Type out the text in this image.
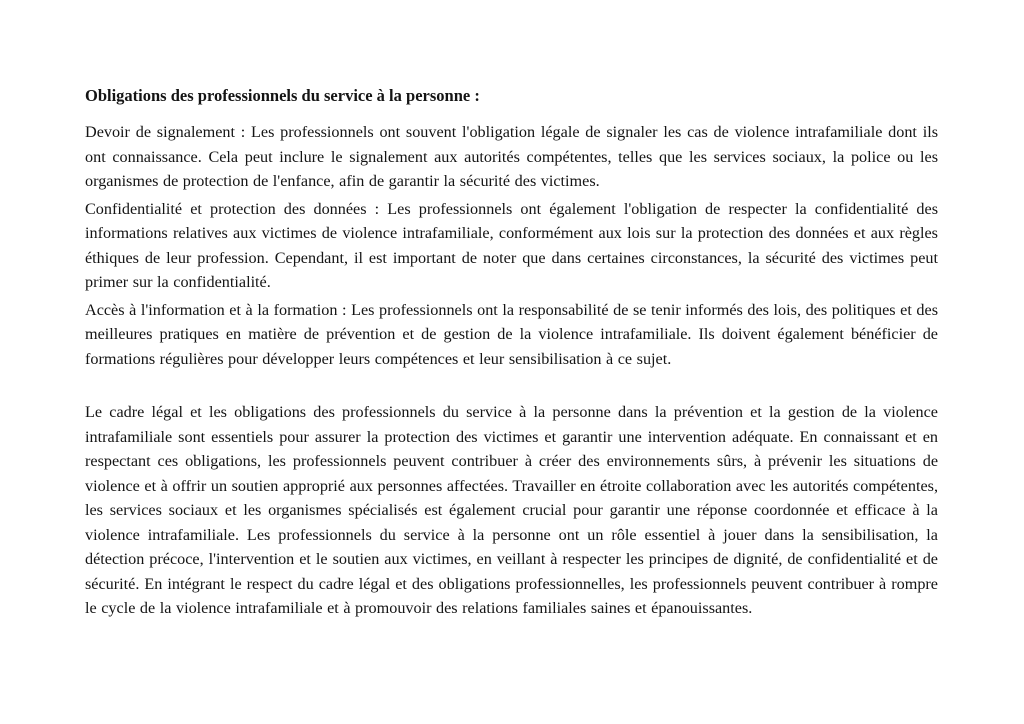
Obligations des professionnels du service à la personne :

Devoir de signalement : Les professionnels ont souvent l'obligation légale de signaler les cas de violence intrafamiliale dont ils ont connaissance. Cela peut inclure le signalement aux autorités compétentes, telles que les services sociaux, la police ou les organismes de protection de l'enfance, afin de garantir la sécurité des victimes.

Confidentialité et protection des données : Les professionnels ont également l'obligation de respecter la confidentialité des informations relatives aux victimes de violence intrafamiliale, conformément aux lois sur la protection des données et aux règles éthiques de leur profession. Cependant, il est important de noter que dans certaines circonstances, la sécurité des victimes peut primer sur la confidentialité.

Accès à l'information et à la formation : Les professionnels ont la responsabilité de se tenir informés des lois, des politiques et des meilleures pratiques en matière de prévention et de gestion de la violence intrafamiliale. Ils doivent également bénéficier de formations régulières pour développer leurs compétences et leur sensibilisation à ce sujet.

Le cadre légal et les obligations des professionnels du service à la personne dans la prévention et la gestion de la violence intrafamiliale sont essentiels pour assurer la protection des victimes et garantir une intervention adéquate. En connaissant et en respectant ces obligations, les professionnels peuvent contribuer à créer des environnements sûrs, à prévenir les situations de violence et à offrir un soutien approprié aux personnes affectées. Travailler en étroite collaboration avec les autorités compétentes, les services sociaux et les organismes spécialisés est également crucial pour garantir une réponse coordonnée et efficace à la violence intrafamiliale. Les professionnels du service à la personne ont un rôle essentiel à jouer dans la sensibilisation, la détection précoce, l'intervention et le soutien aux victimes, en veillant à respecter les principes de dignité, de confidentialité et de sécurité. En intégrant le respect du cadre légal et des obligations professionnelles, les professionnels peuvent contribuer à rompre le cycle de la violence intrafamiliale et à promouvoir des relations familiales saines et épanouissantes.
